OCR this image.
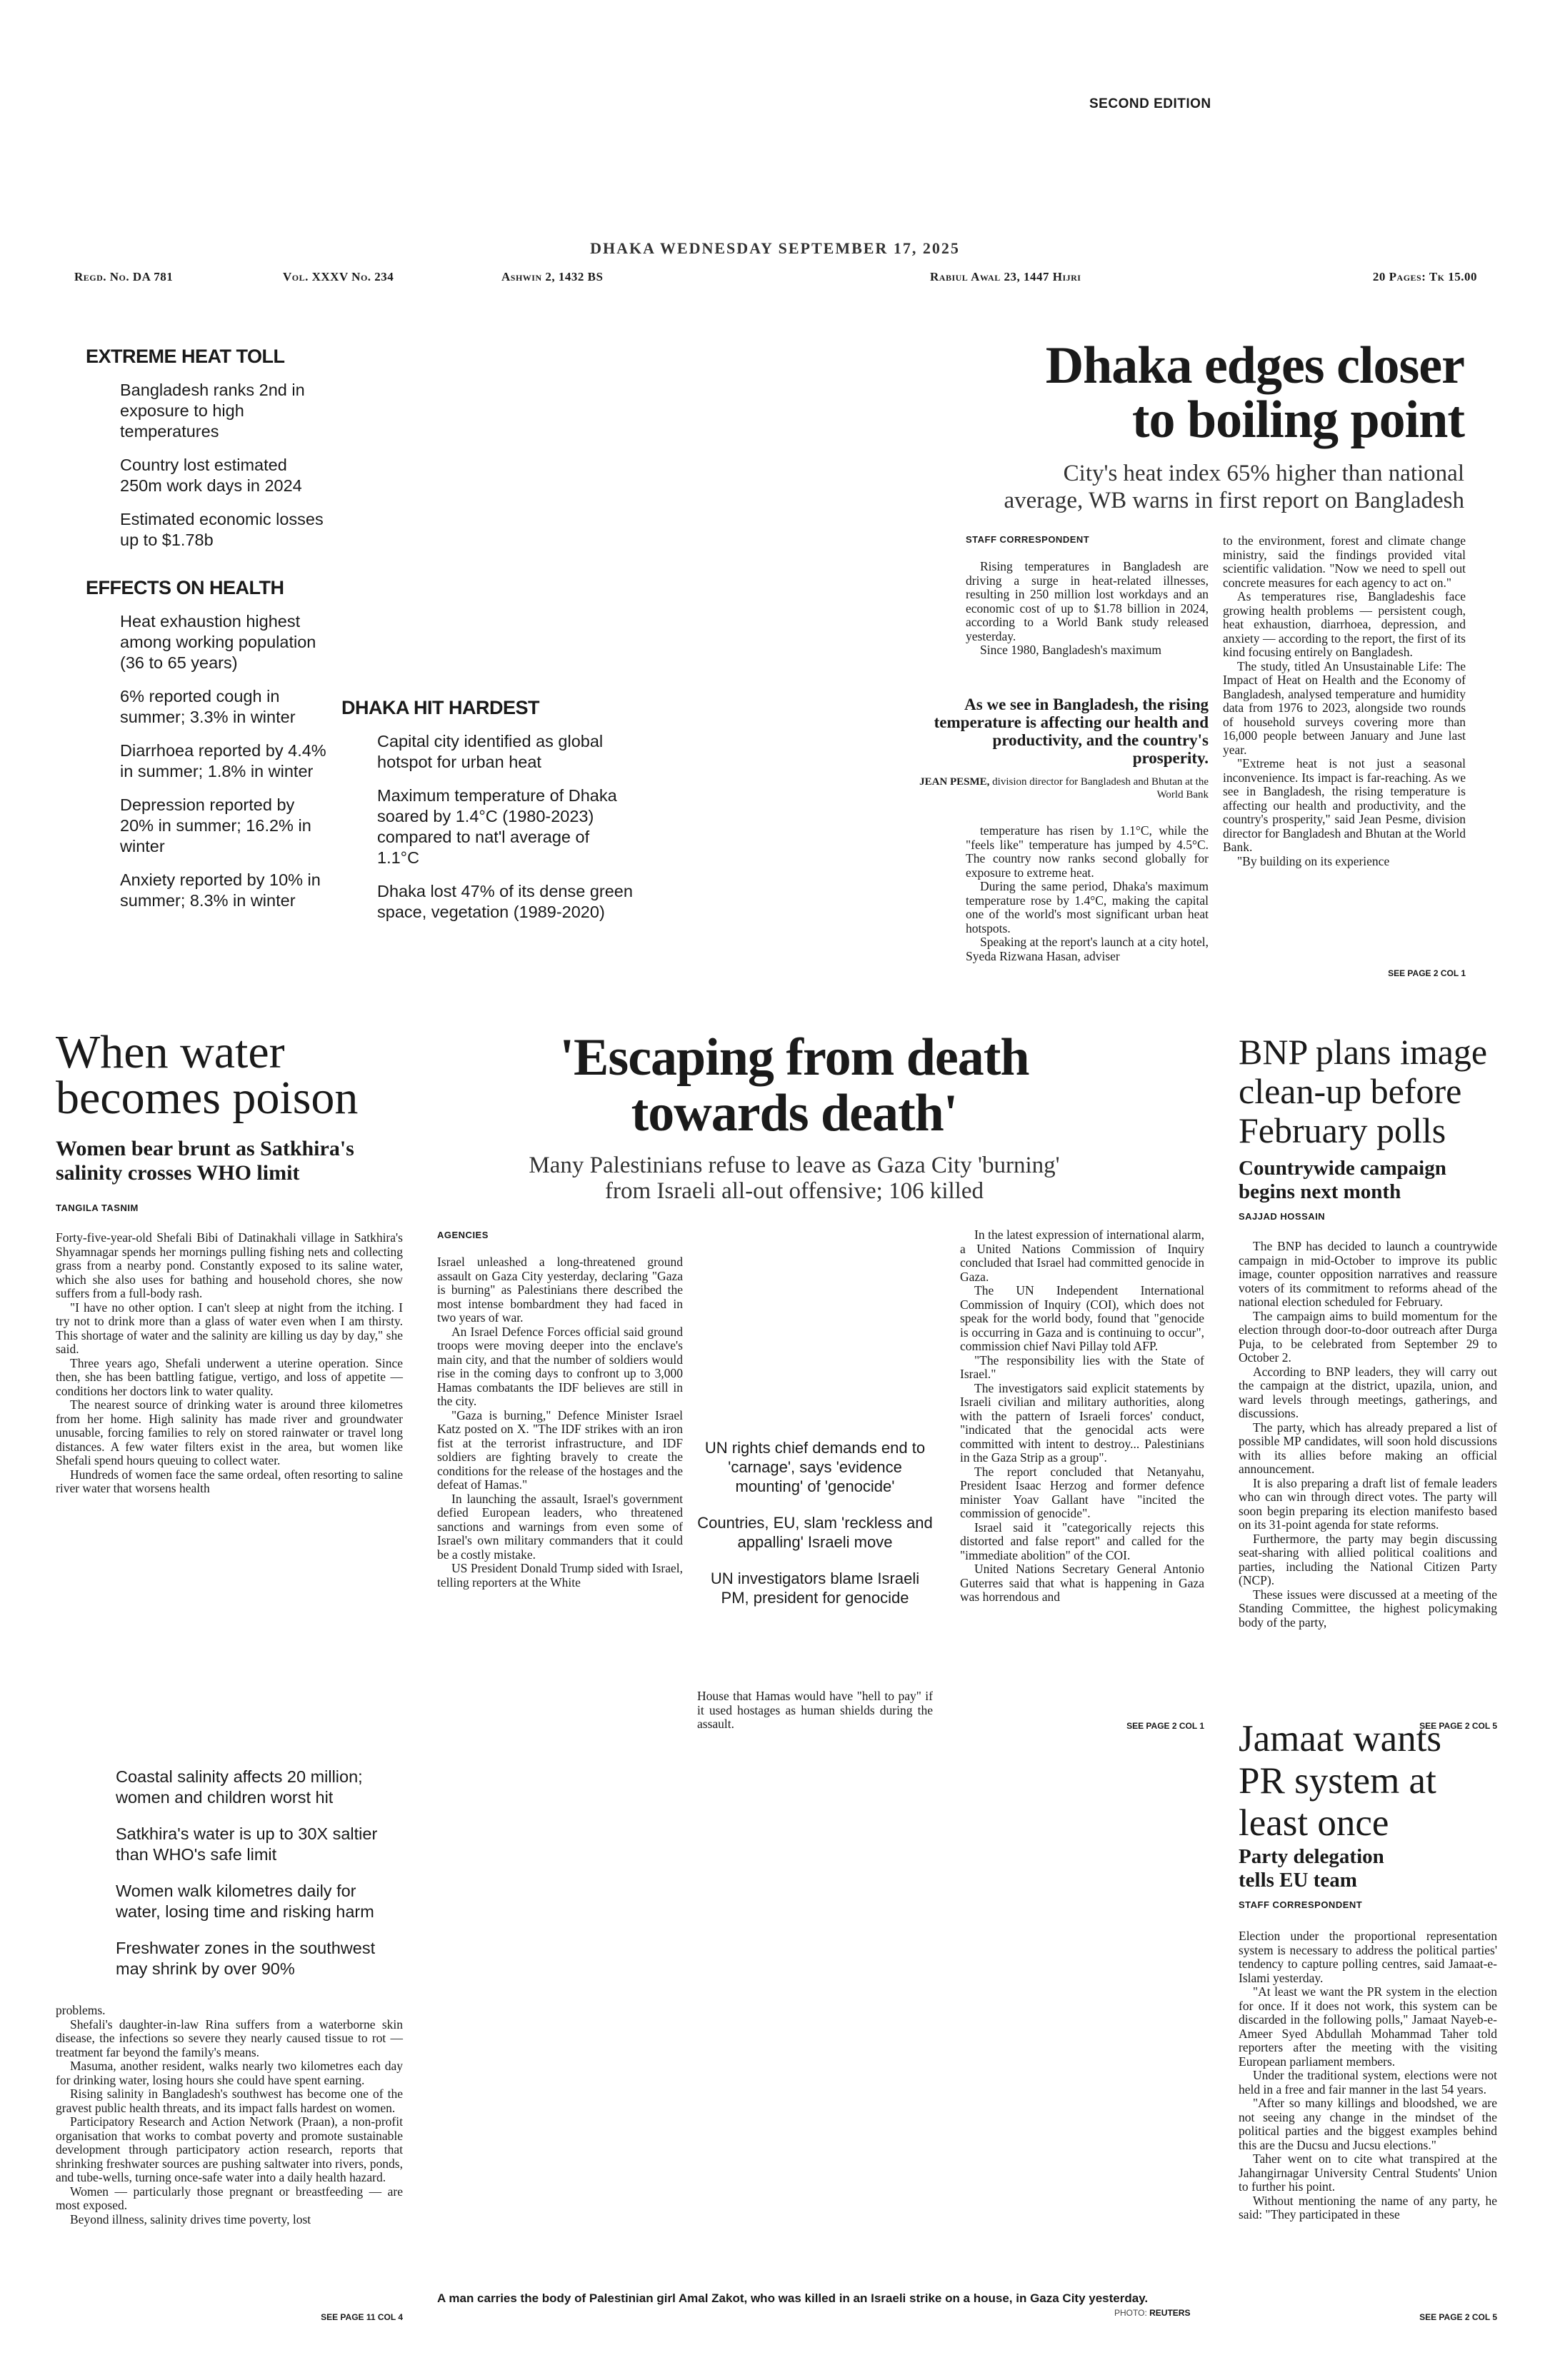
SECOND EDITION
DHAKA WEDNESDAY SEPTEMBER 17, 2025
Regd. No. DA 781	Vol. XXXV No. 234	Ashwin 2, 1432 BS	Rabiul Awal 23, 1447 Hijri	20 Pages: Tk 15.00
EXTREME HEAT TOLL
Bangladesh ranks 2nd in exposure to high temperatures
Country lost estimated 250m work days in 2024
Estimated economic losses up to $1.78b
EFFECTS ON HEALTH
Heat exhaustion highest among working population (36 to 65 years)
6% reported cough in summer; 3.3% in winter
Diarrhoea reported by 4.4% in summer; 1.8% in winter
Depression reported by 20% in summer; 16.2% in winter
Anxiety reported by 10% in summer; 8.3% in winter
DHAKA HIT HARDEST
Capital city identified as global hotspot for urban heat
Maximum temperature of Dhaka soared by 1.4°C (1980-2023) compared to nat'l average of 1.1°C
Dhaka lost 47% of its dense green space, vegetation (1989-2020)
Dhaka edges closer
to boiling point
City's heat index 65% higher than national
average, WB warns in first report on Bangladesh
STAFF CORRESPONDENT

Rising temperatures in Bangladesh are driving a surge in heat-related illnesses, resulting in 250 million lost workdays and an economic cost of up to $1.78 billion in 2024, according to a World Bank study released yesterday.

Since 1980, Bangladesh's maximum

As we see in Bangladesh, the rising temperature is affecting our health and productivity, and the country's prosperity.
JEAN PESME, division director for Bangladesh and Bhutan at the World Bank

temperature has risen by 1.1°C, while the "feels like" temperature has jumped by 4.5°C. The country now ranks second globally for exposure to extreme heat.

During the same period, Dhaka's maximum temperature rose by 1.4°C, making the capital one of the world's most significant urban heat hotspots.

Speaking at the report's launch at a city hotel, Syeda Rizwana Hasan, adviser

to the environment, forest and climate change ministry, said the findings provided vital scientific validation. "Now we need to spell out concrete measures for each agency to act on."

As temperatures rise, Bangladeshis face growing health problems — persistent cough, heat exhaustion, diarrhoea, depression, and anxiety — according to the report, the first of its kind focusing entirely on Bangladesh.

The study, titled An Unsustainable Life: The Impact of Heat on Health and the Economy of Bangladesh, analysed temperature and humidity data from 1976 to 2023, alongside two rounds of household surveys covering more than 16,000 people between January and June last year.

"Extreme heat is not just a seasonal inconvenience. Its impact is far-reaching. As we see in Bangladesh, the rising temperature is affecting our health and productivity, and the country's prosperity," said Jean Pesme, division director for Bangladesh and Bhutan at the World Bank.

"By building on its experience

SEE PAGE 2 COL 1
When water
becomes poison
Women bear brunt as Satkhira's
salinity crosses WHO limit
TANGILA TASNIM

Forty-five-year-old Shefali Bibi of Datinakhali village in Satkhira's Shyamnagar spends her mornings pulling fishing nets and collecting grass from a nearby pond. Constantly exposed to its saline water, which she also uses for bathing and household chores, she now suffers from a full-body rash.

"I have no other option. I can't sleep at night from the itching. I try not to drink more than a glass of water even when I am thirsty. This shortage of water and the salinity are killing us day by day," she said.

Three years ago, Shefali underwent a uterine operation. Since then, she has been battling fatigue, vertigo, and loss of appetite — conditions her doctors link to water quality.

The nearest source of drinking water is around three kilometres from her home. High salinity has made river and groundwater unusable, forcing families to rely on stored rainwater or travel long distances. A few water filters exist in the area, but women like Shefali spend hours queuing to collect water.

Hundreds of women face the same ordeal, often resorting to saline river water that worsens health

Coastal salinity affects 20 million; women and children worst hit
Satkhira's water is up to 30X saltier than WHO's safe limit
Women walk kilometres daily for water, losing time and risking harm
Freshwater zones in the southwest may shrink by over 90%

problems.

Shefali's daughter-in-law Rina suffers from a waterborne skin disease, the infections so severe they nearly caused tissue to rot — treatment far beyond the family's means.

Masuma, another resident, walks nearly two kilometres each day for drinking water, losing hours she could have spent earning.

Rising salinity in Bangladesh's southwest has become one of the gravest public health threats, and its impact falls hardest on women.

Participatory Research and Action Network (Praan), a non-profit organisation that works to combat poverty and promote sustainable development through participatory action research, reports that shrinking freshwater sources are pushing saltwater into rivers, ponds, and tube-wells, turning once-safe water into a daily health hazard.

Women — particularly those pregnant or breastfeeding — are most exposed.

Beyond illness, salinity drives time poverty, lost

SEE PAGE 11 COL 4
'Escaping from death
towards death'
Many Palestinians refuse to leave as Gaza City 'burning'
from Israeli all-out offensive; 106 killed
AGENCIES

Israel unleashed a long-threatened ground assault on Gaza City yesterday, declaring "Gaza is burning" as Palestinians there described the most intense bombardment they had faced in two years of war.

An Israel Defence Forces official said ground troops were moving deeper into the enclave's main city, and that the number of soldiers would rise in the coming days to confront up to 3,000 Hamas combatants the IDF believes are still in the city.

"Gaza is burning," Defence Minister Israel Katz posted on X. "The IDF strikes with an iron fist at the terrorist infrastructure, and IDF soldiers are fighting bravely to create the conditions for the release of the hostages and the defeat of Hamas."

In launching the assault, Israel's government defied European leaders, who threatened sanctions and warnings from even some of Israel's own military commanders that it could be a costly mistake.

US President Donald Trump sided with Israel, telling reporters at the White

UN rights chief demands end to 'carnage', says 'evidence mounting' of 'genocide'
Countries, EU, slam 'reckless and appalling' Israeli move
UN investigators blame Israeli PM, president for genocide

House that Hamas would have "hell to pay" if it used hostages as human shields during the assault.

In the latest expression of international alarm, a United Nations Commission of Inquiry concluded that Israel had committed genocide in Gaza.

The UN Independent International Commission of Inquiry (COI), which does not speak for the world body, found that "genocide is occurring in Gaza and is continuing to occur", commission chief Navi Pillay told AFP.

"The responsibility lies with the State of Israel."

The investigators said explicit statements by Israeli civilian and military authorities, along with the pattern of Israeli forces' conduct, "indicated that the genocidal acts were committed with intent to destroy... Palestinians in the Gaza Strip as a group".

The report concluded that Netanyahu, President Isaac Herzog and former defence minister Yoav Gallant have "incited the commission of genocide".

Israel said it "categorically rejects this distorted and false report" and called for the "immediate abolition" of the COI.

United Nations Secretary General Antonio Guterres said that what is happening in Gaza was horrendous and

SEE PAGE 2 COL 1
A man carries the body of Palestinian girl Amal Zakot, who was killed in an Israeli strike on a house, in Gaza City yesterday.
PHOTO: REUTERS
BNP plans image
clean-up before
February polls
Countrywide campaign
begins next month
SAJJAD HOSSAIN

The BNP has decided to launch a countrywide campaign in mid-October to improve its public image, counter opposition narratives and reassure voters of its commitment to reforms ahead of the national election scheduled for February.

The campaign aims to build momentum for the election through door-to-door outreach after Durga Puja, to be celebrated from September 29 to October 2.

According to BNP leaders, they will carry out the campaign at the district, upazila, union, and ward levels through meetings, gatherings, and discussions.

The party, which has already prepared a list of possible MP candidates, will soon hold discussions with its allies before making an official announcement.

It is also preparing a draft list of female leaders who can win through direct votes. The party will soon begin preparing its election manifesto based on its 31-point agenda for state reforms.

Furthermore, the party may begin discussing seat-sharing with allied political coalitions and parties, including the National Citizen Party (NCP).

These issues were discussed at a meeting of the Standing Committee, the highest policymaking body of the party,

SEE PAGE 2 COL 5
Jamaat wants
PR system at
least once
Party delegation
tells EU team
STAFF CORRESPONDENT

Election under the proportional representation system is necessary to address the political parties' tendency to capture polling centres, said Jamaat-e-Islami yesterday.

"At least we want the PR system in the election for once. If it does not work, this system can be discarded in the following polls," Jamaat Nayeb-e-Ameer Syed Abdullah Mohammad Taher told reporters after the meeting with the visiting European parliament members.

Under the traditional system, elections were not held in a free and fair manner in the last 54 years.

"After so many killings and bloodshed, we are not seeing any change in the mindset of the political parties and the biggest examples behind this are the Ducsu and Jucsu elections."

Taher went on to cite what transpired at the Jahangirnagar University Central Students' Union to further his point.

Without mentioning the name of any party, he said: "They participated in these

SEE PAGE 2 COL 5
